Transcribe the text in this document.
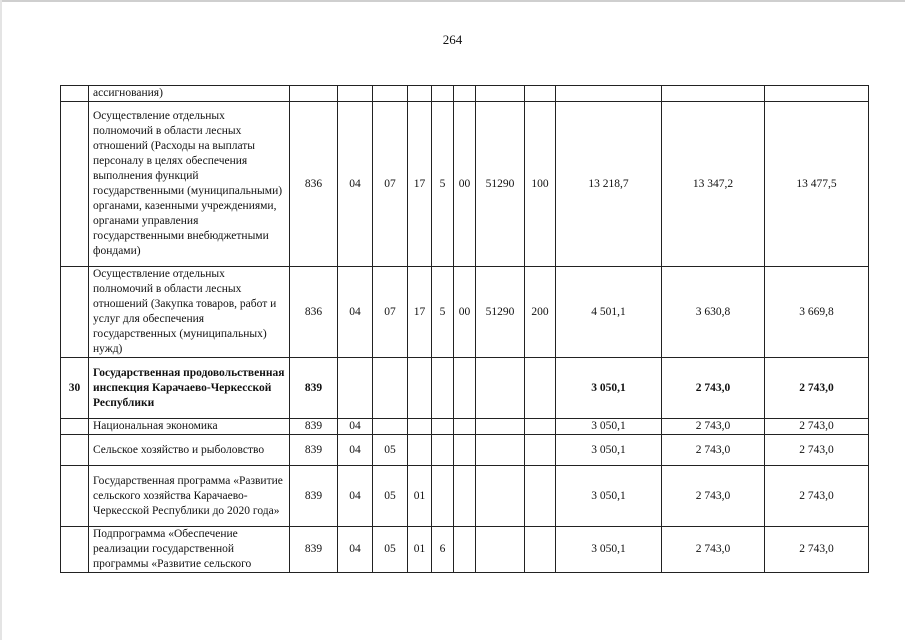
264
	ассигнования)											
	Осуществление отдельных полномочий в области лесных отношений (Расходы на выплаты персоналу в целях обеспечения выполнения функций государственными (муниципальными) органами, казенными учреждениями, органами управления государственными внебюджетными фондами)	836	04	07	17	5	00	51290	100	13 218,7	13 347,2	13 477,5
	Осуществление отдельных полномочий в области лесных отношений (Закупка товаров, работ и услуг для обеспечения государственных (муниципальных) нужд)	836	04	07	17	5	00	51290	200	4 501,1	3 630,8	3 669,8
30	Государственная продовольственная инспекция Карачаево-Черкесской Республики	839								3 050,1	2 743,0	2 743,0
	Национальная экономика	839	04							3 050,1	2 743,0	2 743,0
	Сельское хозяйство и рыболовство	839	04	05						3 050,1	2 743,0	2 743,0
	Государственная программа «Развитие сельского хозяйства Карачаево-Черкесской Республики до 2020 года»	839	04	05	01					3 050,1	2 743,0	2 743,0
	Подпрограмма «Обеспечение реализации государственной программы «Развитие сельского	839	04	05	01	6				3 050,1	2 743,0	2 743,0
